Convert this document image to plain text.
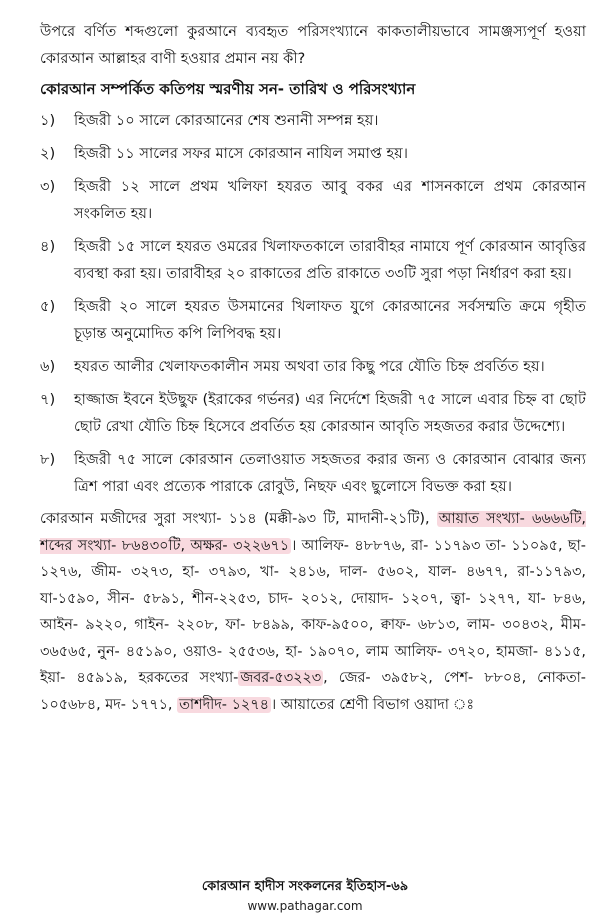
উপরে বর্ণিত শব্দগুলো কুরআনে ব্যবহৃত পরিসংখ্যানে কাকতালীয়ভাবে সামঞ্জস্যপূর্ণ হওয়া কোরআন আল্লাহর বাণী হওয়ার প্রমান নয় কী?

কোরআন সম্পর্কিত কতিপয় স্মরণীয় সন- তারিখ ও পরিসংখ্যান
১)	হিজরী ১০ সালে কোরআনের শেষ শুনানী সম্পন্ন হয়।
২)	হিজরী ১১ সালের সফর মাসে কোরআন নাযিল সমাপ্ত হয়।
৩)	হিজরী ১২ সালে প্রথম খলিফা হযরত আবু বকর এর শাসনকালে প্রথম কোরআন সংকলিত হয়।
৪)	হিজরী ১৫ সালে হযরত ওমরের খিলাফতকালে তারাবীহর নামাযে পূর্ণ কোরআন আবৃত্তির ব্যবস্থা করা হয়। তারাবীহর ২০ রাকাতের প্রতি রাকাতে ৩৩টি সুরা পড়া নির্ধারণ করা হয়।
৫)	হিজরী ২০ সালে হযরত উসমানের খিলাফত যুগে কোরআনের সর্বসম্মতি ক্রমে গৃহীত চূড়ান্ত অনুমোদিত কপি লিপিবদ্ধ হয়।
৬)	হযরত আলীর খেলাফতকালীন সময় অথবা তার কিছু পরে যৌতি চিহ্ন প্রবর্তিত হয়।
৭)	হাজ্জাজ ইবনে ইউছুফ (ইরাকের গর্ভনর) এর নির্দেশে হিজরী ৭৫ সালে এবার চিহ্ন বা ছোট ছোট রেখা যৌতি চিহ্ন হিসেবে প্রবর্তিত হয় কোরআন আবৃতি সহজতর করার উদ্দেশ্যে।
৮)	হিজরী ৭৫ সালে কোরআন তেলাওয়াত সহজতর করার জন্য ও কোরআন বোঝার জন্য ত্রিশ পারা এবং প্রত্যেক পারাকে রোবুউ, নিছফ এবং ছুলোসে বিভক্ত করা হয়।

কোরআন মজীদের সুরা সংখ্যা- ১১৪ (মক্কী-৯৩ টি, মাদানী-২১টি), আয়াত সংখ্যা- ৬৬৬৬টি, শব্দের সংখ্যা- ৮৬৪৩০টি, অক্ষর- ৩২২৬৭১ । আলিফ- ৪৮৮৭৬, রা- ১১৭৯৩ তা- ১১০৯৫, ছা- ১২৭৬, জীম- ৩২৭৩, হা- ৩৭৯৩, খা- ২৪১৬, দাল- ৫৬০২, যাল- ৪৬৭৭, রা-১১৭৯৩, যা-১৫৯০, সীন- ৫৮৯১, শীন-২২৫৩, চাদ- ২০১২, দোয়াদ- ১২০৭, ত্বা- ১২৭৭, যা- ৮৪৬, আইন- ৯২২০, গাইন- ২২০৮, ফা- ৮৪৯৯, কাফ-৯৫০০, ক্বাফ- ৬৮১৩, লাম- ৩০৪৩২, মীম- ৩৬৫৬৫, নুন- ৪৫১৯০, ওয়াও- ২৫৫৩৬, হা- ১৯০৭০, লাম আলিফ- ৩৭২০, হামজা- ৪১১৫, ইয়া- ৪৫৯১৯, হরকতের সংখ্যা- জবর-৫৩২২৩ , জের- ৩৯৫৮২, পেশ- ৮৮০৪, নোকতা- ১০৫৬৮৪, মদ- ১৭৭১, তাশদীদ- ১২৭৪ । আয়াতের শ্রেণী বিভাগ ওয়াদা ঃ

কোরআন হাদীস সংকলনের ইতিহাস-৬৯
www.pathagar.com
